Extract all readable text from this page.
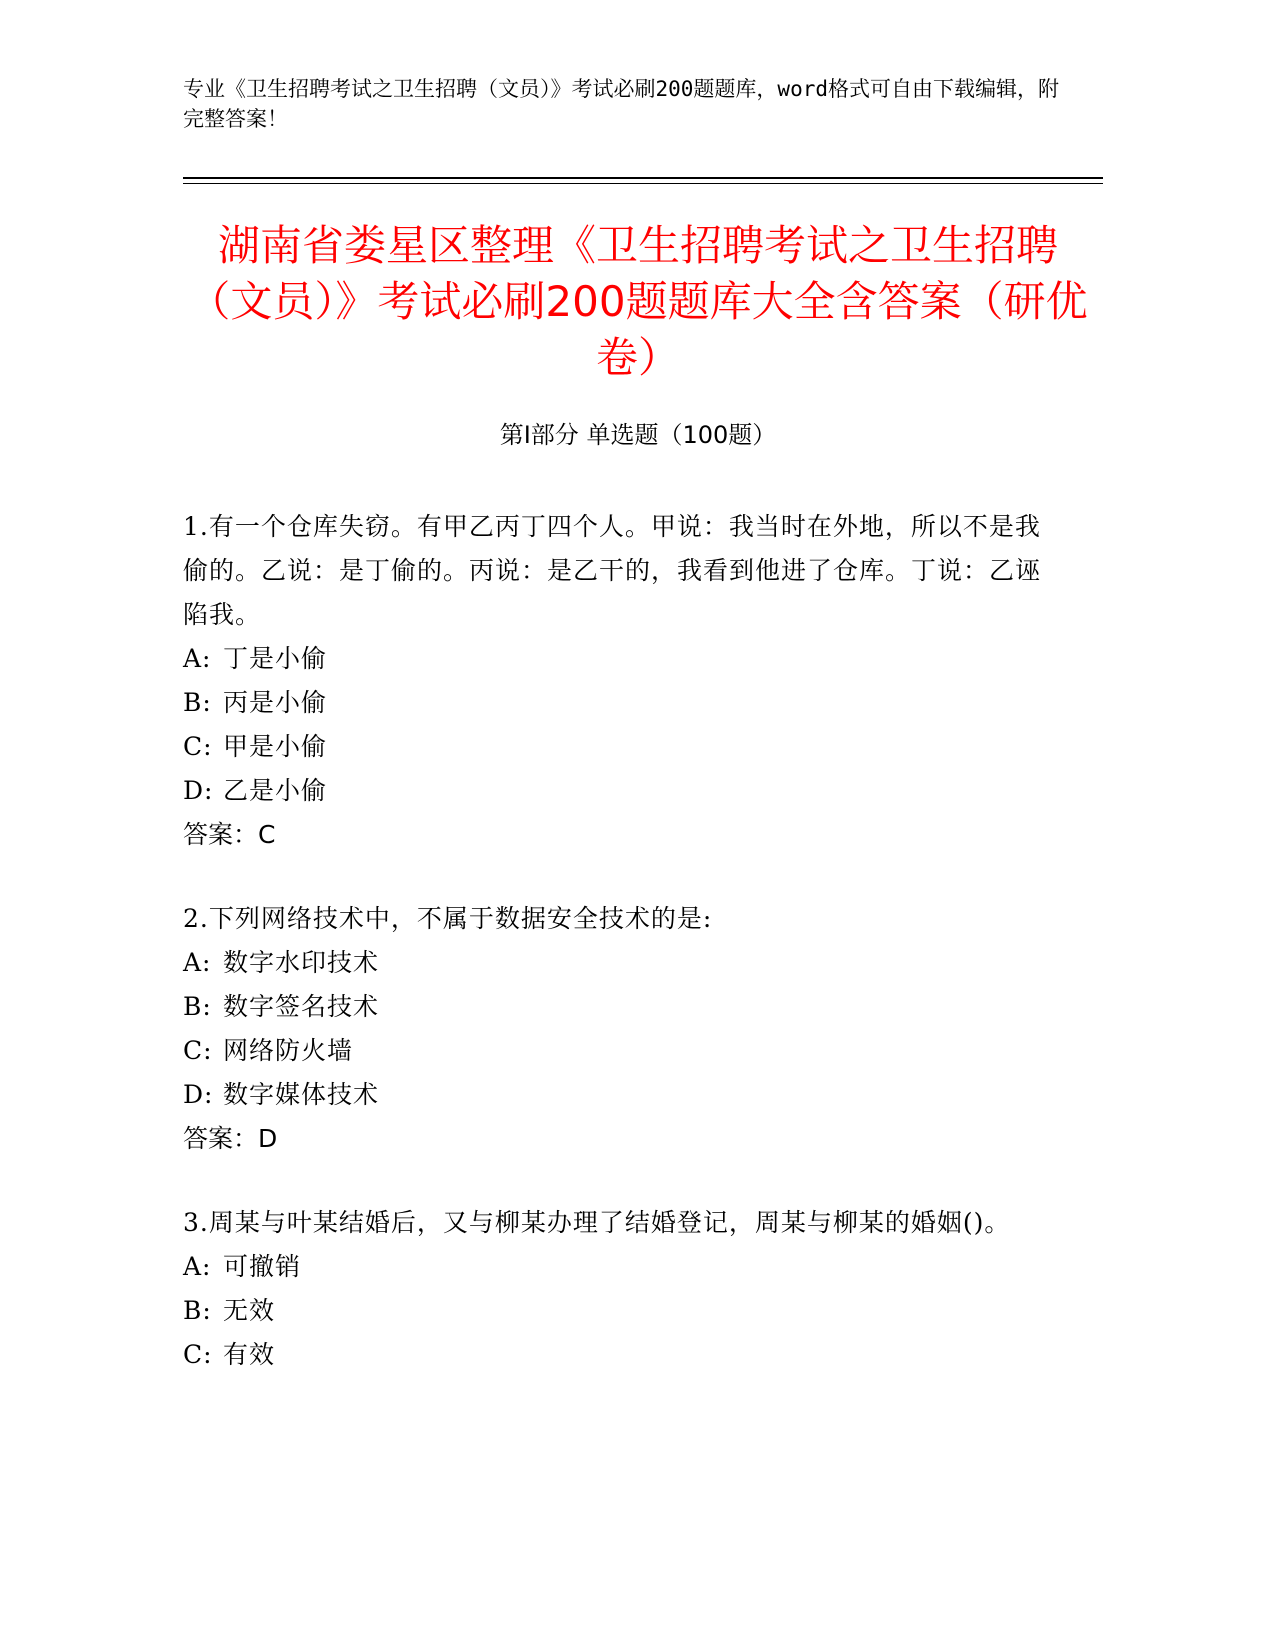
专业《卫生招聘考试之卫生招聘（文员）》考试必刷200题题库，word格式可自由下载编辑，附完整答案！
湖南省娄星区整理《卫生招聘考试之卫生招聘（文员）》考试必刷200题题库大全含答案（研优卷）
第I部分 单选题（100题）
1.有一个仓库失窃。有甲乙丙丁四个人。甲说：我当时在外地，所以不是我偷的。乙说：是丁偷的。丙说：是乙干的，我看到他进了仓库。丁说：乙诬陷我。
A: 丁是小偷
B: 丙是小偷
C: 甲是小偷
D: 乙是小偷
答案：C
2.下列网络技术中，不属于数据安全技术的是:
A: 数字水印技术
B: 数字签名技术
C: 网络防火墙
D: 数字媒体技术
答案：D
3.周某与叶某结婚后，又与柳某办理了结婚登记，周某与柳某的婚姻()。
A: 可撤销
B: 无效
C: 有效
